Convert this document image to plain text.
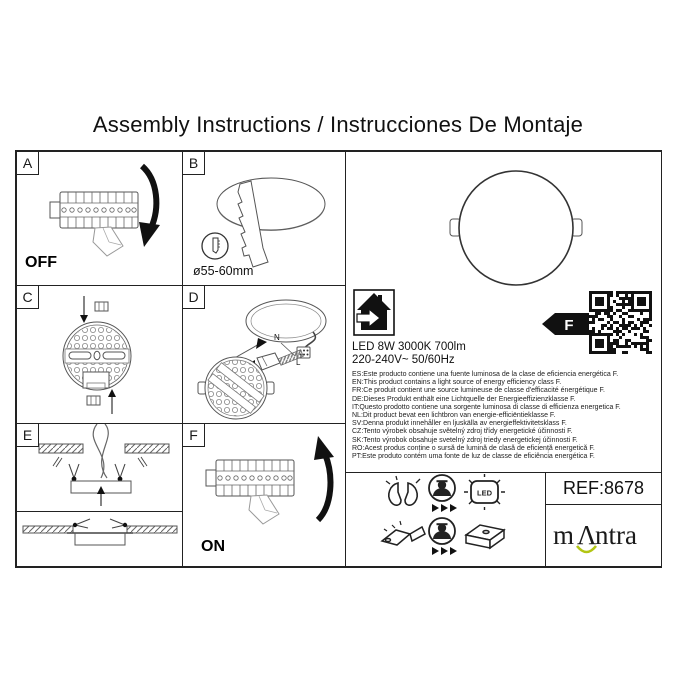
Assembly Instructions / Instrucciones De Montaje
A
OFF
B
ø55-60mm
C	D
N
L
E	F
ON
F
LED	REF:8678
m Λntra
LED 8W 3000K 700lm
220-240V~ 50/60Hz
ES:Este producto contiene una fuente luminosa de la clase de eficiencia energética F.
EN:This product contains a light source of energy efficiency class F.
FR:Ce produit contient une source lumineuse de classe d'efficacité énergétique F.
DE:Dieses Produkt enthält eine Lichtquelle der Energieeffizienzklasse F.
IT:Questo prodotto contiene una sorgente luminosa di classe di efficienza energetica F.
NL:Dit product bevat een lichtbron van energie-efficiëntieklasse F.
SV:Denna produkt innehåller en ljuskälla av energieffektivitetsklass F.
CZ:Tento výrobek obsahuje světelný zdroj třídy energetické účinnosti F.
SK:Tento výrobok obsahuje svetelný zdroj triedy energetickej účinnosti F.
RO:Acest produs conține o sursă de lumină de clasă de eficiență energetică F.
PT:Este produto contém uma fonte de luz de classe de eficiência energética F.
